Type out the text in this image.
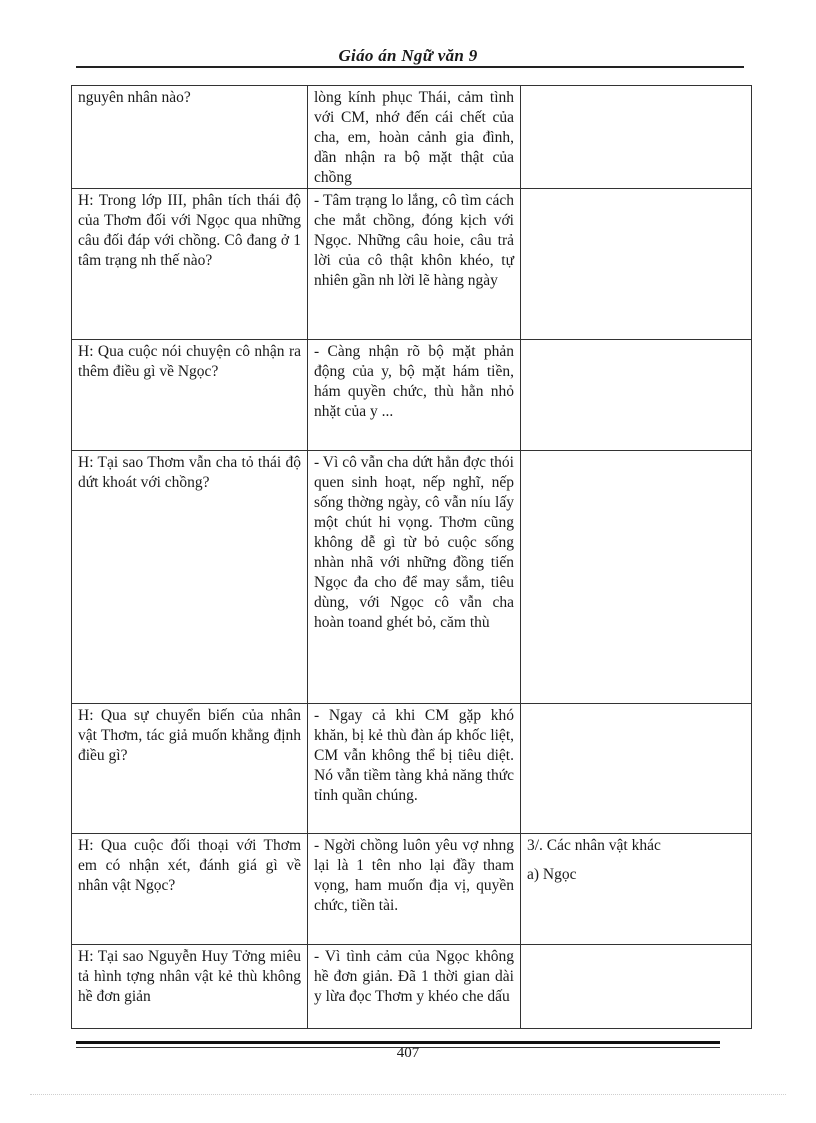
Giáo án Ngữ văn 9
nguyên nhân nào?	lòng kính phục Thái, cảm tình với CM, nhớ đến cái chết của cha, em, hoàn cảnh gia đình, dần nhận ra bộ mặt thật của chồng	
H: Trong lớp III, phân tích thái độ của Thơm đối với Ngọc qua những câu đối đáp với chồng. Cô đang ở 1 tâm trạng nh thế nào?	- Tâm trạng lo lắng, cô tìm cách che mắt chồng, đóng kịch với Ngọc. Những câu hoie, câu trả lời của cô thật khôn khéo, tự nhiên gần nh lời lẽ hàng ngày	
H: Qua cuộc nói chuyện cô nhận ra thêm điều gì về Ngọc?	- Càng nhận rõ bộ mặt phản động của y, bộ mặt hám tiền, hám quyền chức, thù hằn nhỏ nhặt của y ...	
H: Tại sao Thơm vẫn cha tỏ thái độ dứt khoát với chồng?	- Vì cô vẫn cha dứt hẳn đợc thói quen sinh hoạt, nếp nghĩ, nếp sống thờng ngày, cô vẫn níu lấy một chút hi vọng. Thơm cũng không dễ gì từ bỏ cuộc sống nhàn nhã với những đồng tiến Ngọc đa cho để may sắm, tiêu dùng, với Ngọc cô vẫn cha hoàn toand ghét bỏ, căm thù	
H: Qua sự chuyển biến của nhân vật Thơm, tác giả muốn khẳng định điều gì?	- Ngay cả khi CM gặp khó khăn, bị kẻ thù đàn áp khốc liệt, CM vẫn không thể bị tiêu diệt. Nó vẫn tiềm tàng khả năng thức tỉnh quần chúng.	
H: Qua cuộc đối thoại với Thơm em có nhận xét, đánh giá gì về nhân vật Ngọc?	- Ngời chồng luôn yêu vợ nhng lại là 1 tên nho lại đầy tham vọng, ham muốn địa vị, quyền chức, tiền tài.	3/. Các nhân vật khác
a) Ngọc

H: Tại sao Nguyễn Huy Tởng miêu tả hình tợng nhân vật kẻ thù không hề đơn giản	- Vì tình cảm của Ngọc không hề đơn giản. Đã 1 thời gian dài y lừa đọc Thơm y khéo che dấu	
407
